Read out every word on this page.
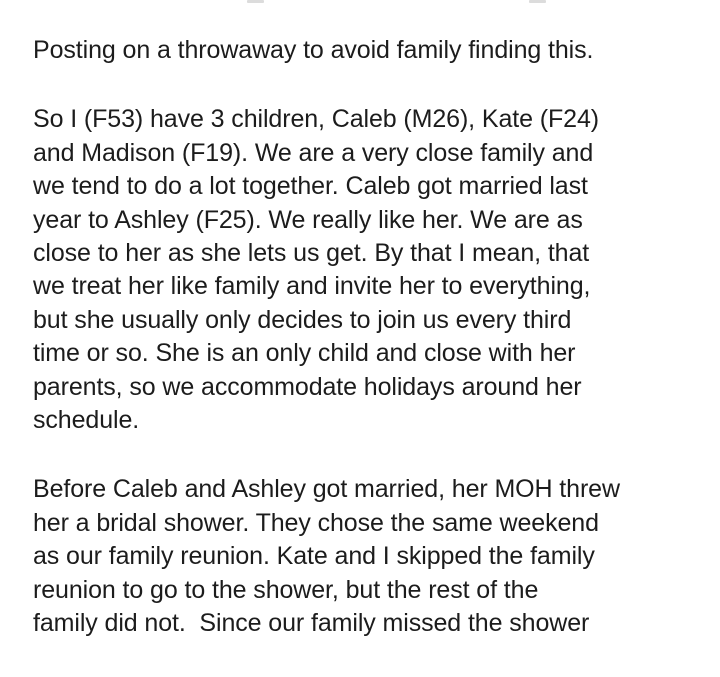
Posting on a throwaway to avoid family finding this.

So I (F53) have 3 children, Caleb (M26), Kate (F24)
and Madison (F19). We are a very close family and
we tend to do a lot together. Caleb got married last
year to Ashley (F25). We really like her. We are as
close to her as she lets us get. By that I mean, that
we treat her like family and invite her to everything,
but she usually only decides to join us every third
time or so. She is an only child and close with her
parents, so we accommodate holidays around her
schedule.

Before Caleb and Ashley got married, her MOH threw
her a bridal shower. They chose the same weekend
as our family reunion. Kate and I skipped the family
reunion to go to the shower, but the rest of the
family did not.  Since our family missed the shower
